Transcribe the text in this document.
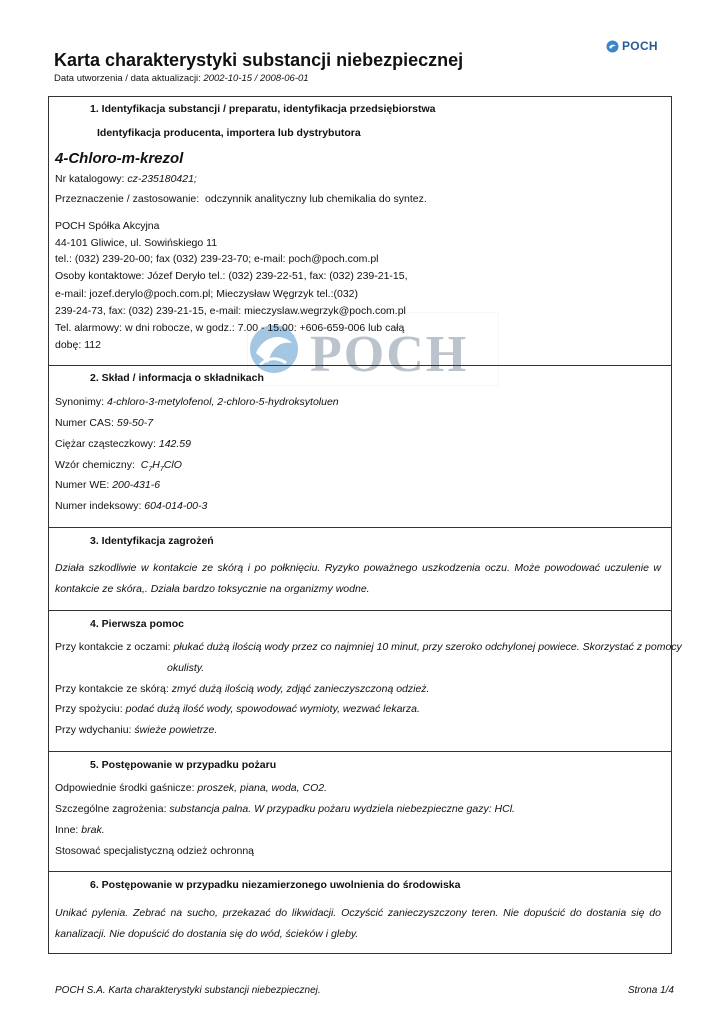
POCH
Karta charakterystyki substancji niebezpiecznej
Data utworzenia / data aktualizacji: 2002-10-15 / 2008-06-01
POCH
1. Identyfikacja substancji / preparatu, identyfikacja przedsiębiorstwa
Identyfikacja producenta, importera lub dystrybutora
4-Chloro-m-krezol
Nr katalogowy: cz-235180421;
Przeznaczenie / zastosowanie: odczynnik analityczny lub chemikalia do syntez.
POCH Spółka Akcyjna
44-101 Gliwice, ul. Sowińskiego 11
tel.: (032) 239-20-00; fax (032) 239-23-70; e-mail: poch@poch.com.pl
Osoby kontaktowe: Józef Deryło tel.: (032) 239-22-51, fax: (032) 239-21-15,
e-mail: jozef.derylo@poch.com.pl; Mieczysław Węgrzyk tel.:(032)
239-24-73, fax: (032) 239-21-15, e-mail: mieczyslaw.wegrzyk@poch.com.pl
Tel. alarmowy: w dni robocze, w godz.: 7.00 - 15.00: +606-659-006 lub całą
dobę: 112
2. Skład / informacja o składnikach
Synonimy: 4-chloro-3-metylofenol, 2-chloro-5-hydroksytoluen
Numer CAS: 59-50-7
Ciężar cząsteczkowy: 142.59
Wzór chemiczny: $C_7H_7ClO$
Numer WE: 200-431-6
Numer indeksowy: 604-014-00-3
3. Identyfikacja zagrożeń
Działa szkodliwie w kontakcie ze skórą i po połknięciu. Ryzyko poważnego uszkodzenia oczu. Może powodować uczulenie w
kontakcie ze skóra,. Działa bardzo toksycznie na organizmy wodne.
4. Pierwsza pomoc
Przy kontakcie z oczami: płukać dużą ilością wody przez co najmniej 10 minut, przy szeroko odchylonej powiece. Skorzystać z pomocy
okulisty.
Przy kontakcie ze skórą: zmyć dużą ilością wody, zdjąć zanieczyszczoną odzież.
Przy spożyciu: podać dużą ilość wody, spowodować wymioty, wezwać lekarza.
Przy wdychaniu: świeże powietrze.
5. Postępowanie w przypadku pożaru
Odpowiednie środki gaśnicze: proszek, piana, woda, CO2.
Szczególne zagrożenia: substancja palna. W przypadku pożaru wydziela niebezpieczne gazy: HCl.
Inne: brak.
Stosować specjalistyczną odzież ochronną
6. Postępowanie w przypadku niezamierzonego uwolnienia do środowiska
Unikać pylenia. Zebrać na sucho, przekazać do likwidacji. Oczyścić zanieczyszczony teren. Nie dopuścić do dostania się do
kanalizacji. Nie dopuścić do dostania się do wód, ścieków i gleby.
POCH S.A. Karta charakterystyki substancji niebezpiecznej.	Strona 1/4
